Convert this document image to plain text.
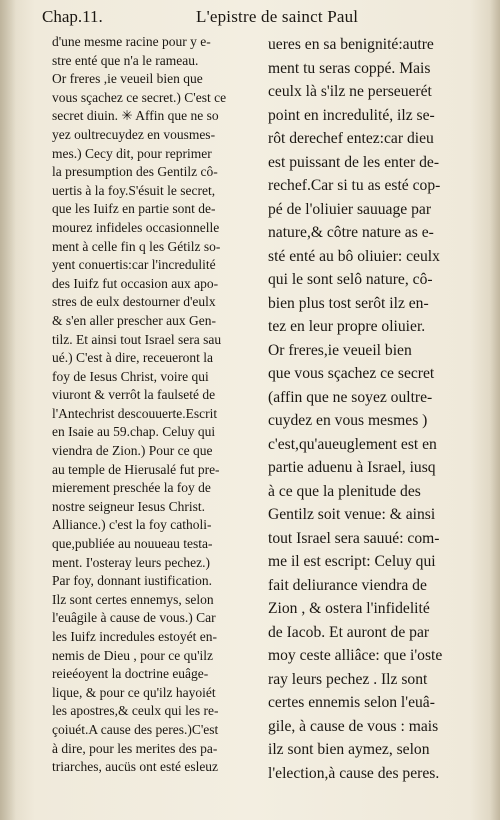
Chap.11.	L'epistre de sainct Paul
d'une mesme racine pour y e-
stre enté que n'a le rameau.
Or freres ,ie veueil bien que
vous sçachez ce secret.) C'est ce
secret diuin. ✳ Affin que ne so
yez oultrecuydez en vousmes-
mes.) Cecy dit, pour reprimer
la presumption des Gentilz cô-
uertis à la foy.S'ésuit le secret,
que les Iuifz en partie sont de-
mourez infideles occasionnelle
ment à celle fin q les Gétilz so-
yent conuertis:car l'incredulité
des Iuifz fut occasion aux apo-
stres de eulx destourner d'eulx
& s'en aller prescher aux Gen-
tilz. Et ainsi tout Israel sera sau
ué.) C'est à dire, receueront la
foy de Iesus Christ, voire qui
viuront & verrôt la faulseté de
l'Antechrist descouuerte.Escrit
en Isaie au 59.chap. Celuy qui
viendra de Zion.) Pour ce que
au temple de Hierusalé fut pre-
mierement preschée la foy de
nostre seigneur Iesus Christ.
Alliance.) c'est la foy catholi-
que,publiée au nouueau testa-
ment. I'osteray leurs pechez.)
Par foy, donnant iustification.
Ilz sont certes ennemys, selon
l'euâgile à cause de vous.) Car
les Iuifz incredules estoyét en-
nemis de Dieu , pour ce qu'ilz
reieéoyent la doctrine euâge-
lique, & pour ce qu'ilz hayoiét
les apostres,& ceulx qui les re-
çoiuét.A cause des peres.)C'est
à dire, pour les merites des pa-
triarches, aucüs ont esté esleuz
ueres en sa benignité:autre
ment tu seras coppé. Mais
ceulx là s'ilz ne perseuerét
point en incredulité, ilz se-
rôt derechef entez:car dieu
est puissant de les enter de-
rechef.Car si tu as esté cop-
pé de l'oliuier sauuage par
nature,& côtre nature as e-
sté enté au bô oliuier: ceulx
qui le sont selô nature, cô-
bien plus tost serôt ilz en-
tez en leur propre oliuier.
Or freres,ie veueil bien
que vous sçachez ce secret
(affin que ne soyez oultre-
cuydez en vous mesmes )
c'est,qu'aueuglement est en
partie aduenu à Israel, iusq
à ce que la plenitude des
Gentilz soit venue: & ainsi
tout Israel sera sauué: com-
me il est escript: Celuy qui
fait deliurance viendra de
Zion , & ostera l'infidelité
de Iacob. Et auront de par
moy ceste alliâce: que i'oste
ray leurs pechez . Ilz sont
certes ennemis selon l'euâ-
gile, à cause de vous : mais
ilz sont bien aymez, selon
l'election,à cause des peres.
